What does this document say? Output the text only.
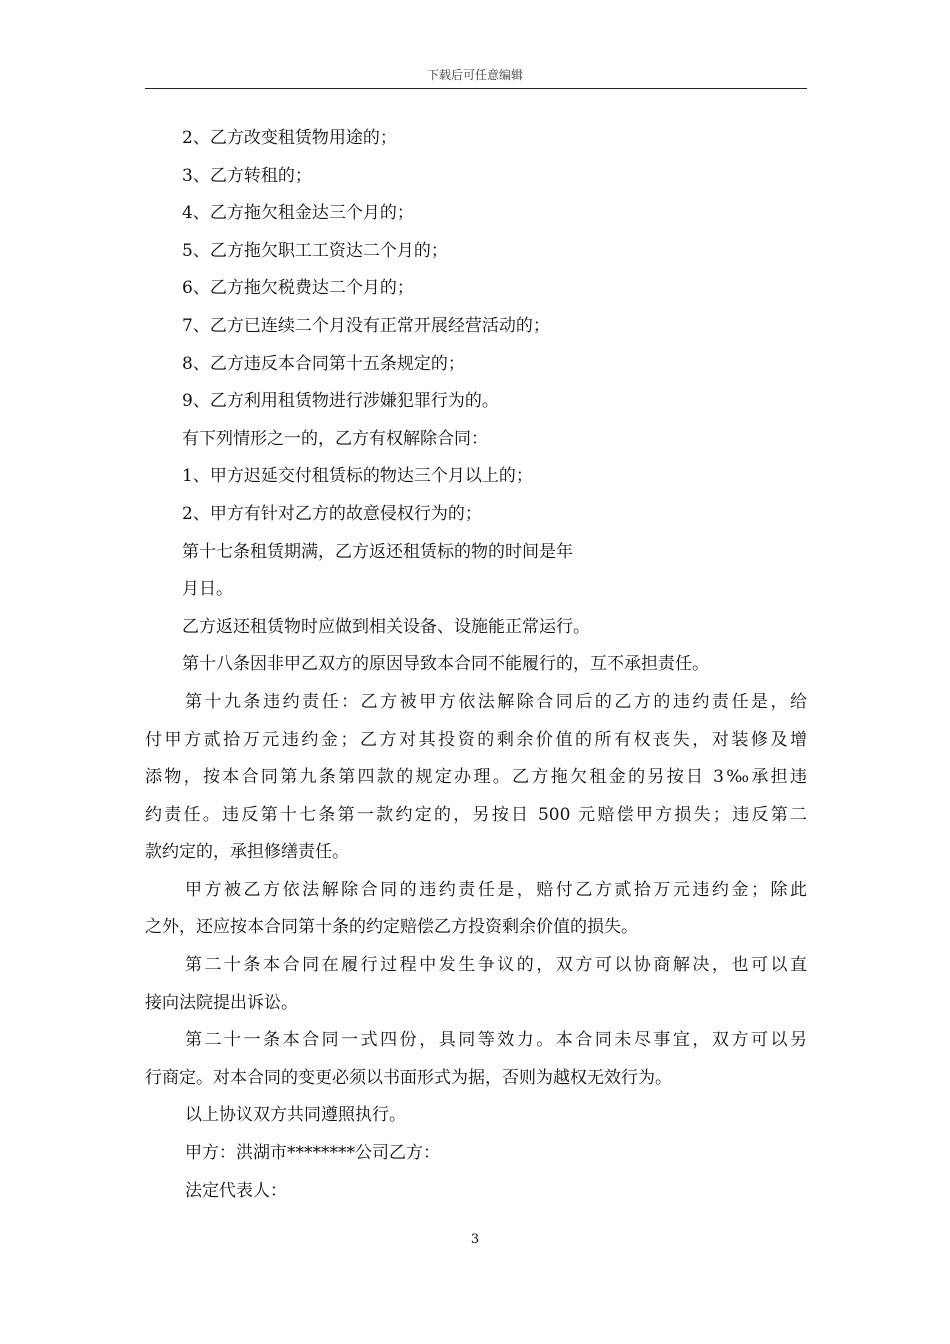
下载后可任意编辑
2、乙方改变租赁物用途的；
3、乙方转租的；
4、乙方拖欠租金达三个月的；
5、乙方拖欠职工工资达二个月的；
6、乙方拖欠税费达二个月的；
7、乙方已连续二个月没有正常开展经营活动的；
8、乙方违反本合同第十五条规定的；
9、乙方利用租赁物进行涉嫌犯罪行为的。
有下列情形之一的，乙方有权解除合同：
1、甲方迟延交付租赁标的物达三个月以上的；
2、甲方有针对乙方的故意侵权行为的；
第十七条租赁期满，乙方返还租赁标的物的时间是年
月日。
乙方返还租赁物时应做到相关设备、设施能正常运行。
第十八条因非甲乙双方的原因导致本合同不能履行的，互不承担责任。
第十九条违约责任：乙方被甲方依法解除合同后的乙方的违约责任是，给
付甲方贰拾万元违约金；乙方对其投资的剩余价值的所有权丧失，对装修及增
添物，按本合同第九条第四款的规定办理。乙方拖欠租金的另按日 3‰承担违
约责任。违反第十七条第一款约定的，另按日 500 元赔偿甲方损失；违反第二
款约定的，承担修缮责任。
甲方被乙方依法解除合同的违约责任是，赔付乙方贰拾万元违约金；除此
之外，还应按本合同第十条的约定赔偿乙方投资剩余价值的损失。
第二十条本合同在履行过程中发生争议的，双方可以协商解决，也可以直
接向法院提出诉讼。
第二十一条本合同一式四份，具同等效力。本合同未尽事宜，双方可以另
行商定。对本合同的变更必须以书面形式为据，否则为越权无效行为。
以上协议双方共同遵照执行。
甲方：洪湖市********公司乙方：
法定代表人：
3
